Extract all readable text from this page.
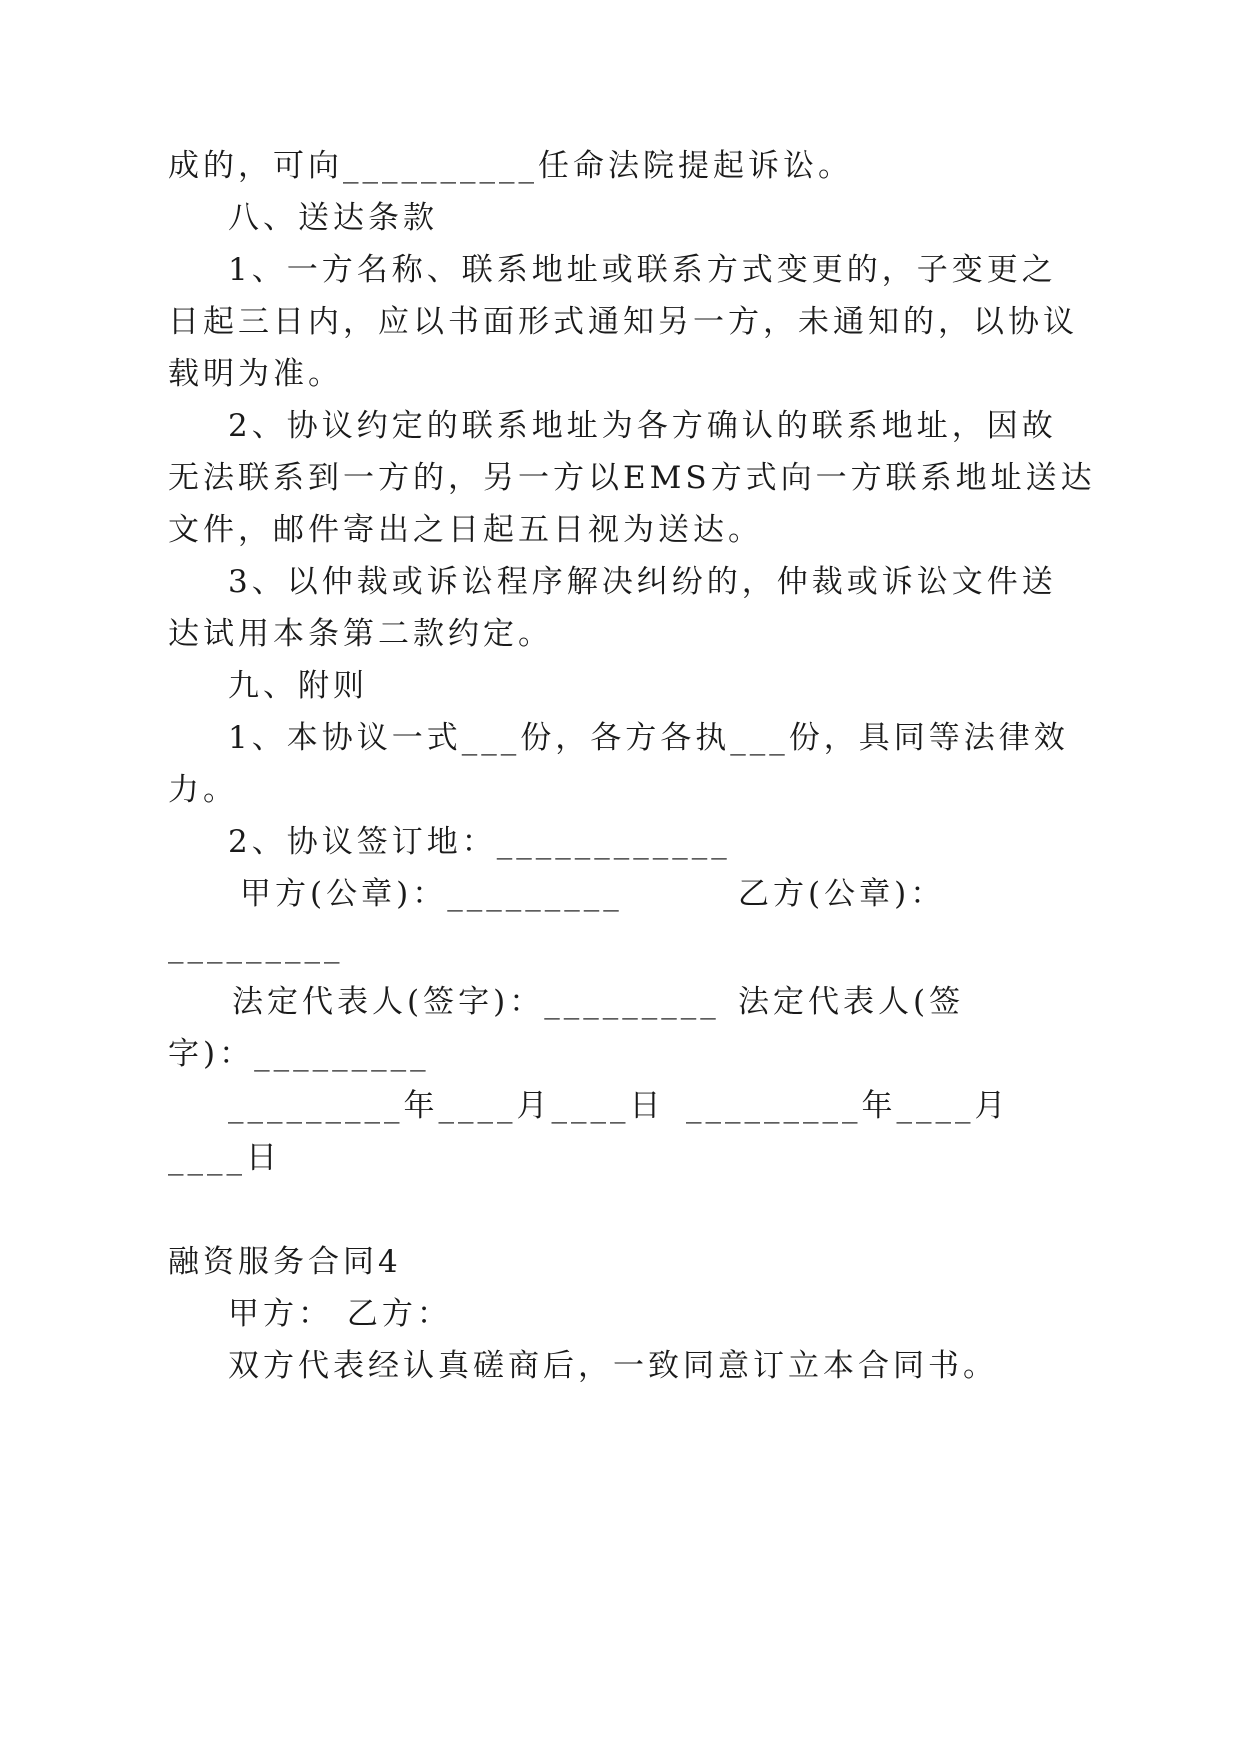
成的，可向__________任命法院提起诉讼。
八、送达条款
1、一方名称、联系地址或联系方式变更的，子变更之
日起三日内，应以书面形式通知另一方，未通知的，以协议
载明为准。
2、协议约定的联系地址为各方确认的联系地址，因故
无法联系到一方的，另一方以EMS方式向一方联系地址送达
文件，邮件寄出之日起五日视为送达。
3、以仲裁或诉讼程序解决纠纷的，仲裁或诉讼文件送
达试用本条第二款约定。
九、附则
1、本协议一式___份，各方各执___份，具同等法律效
力。
2、协议签订地：____________
甲方(公章)：_________	乙方(公章)：
_________
法定代表人(签字)：_________ 法定代表人(签
字)：_________
_________年____月____日 _________年____月
____日
融资服务合同4
甲方： 乙方：
双方代表经认真磋商后，一致同意订立本合同书。
